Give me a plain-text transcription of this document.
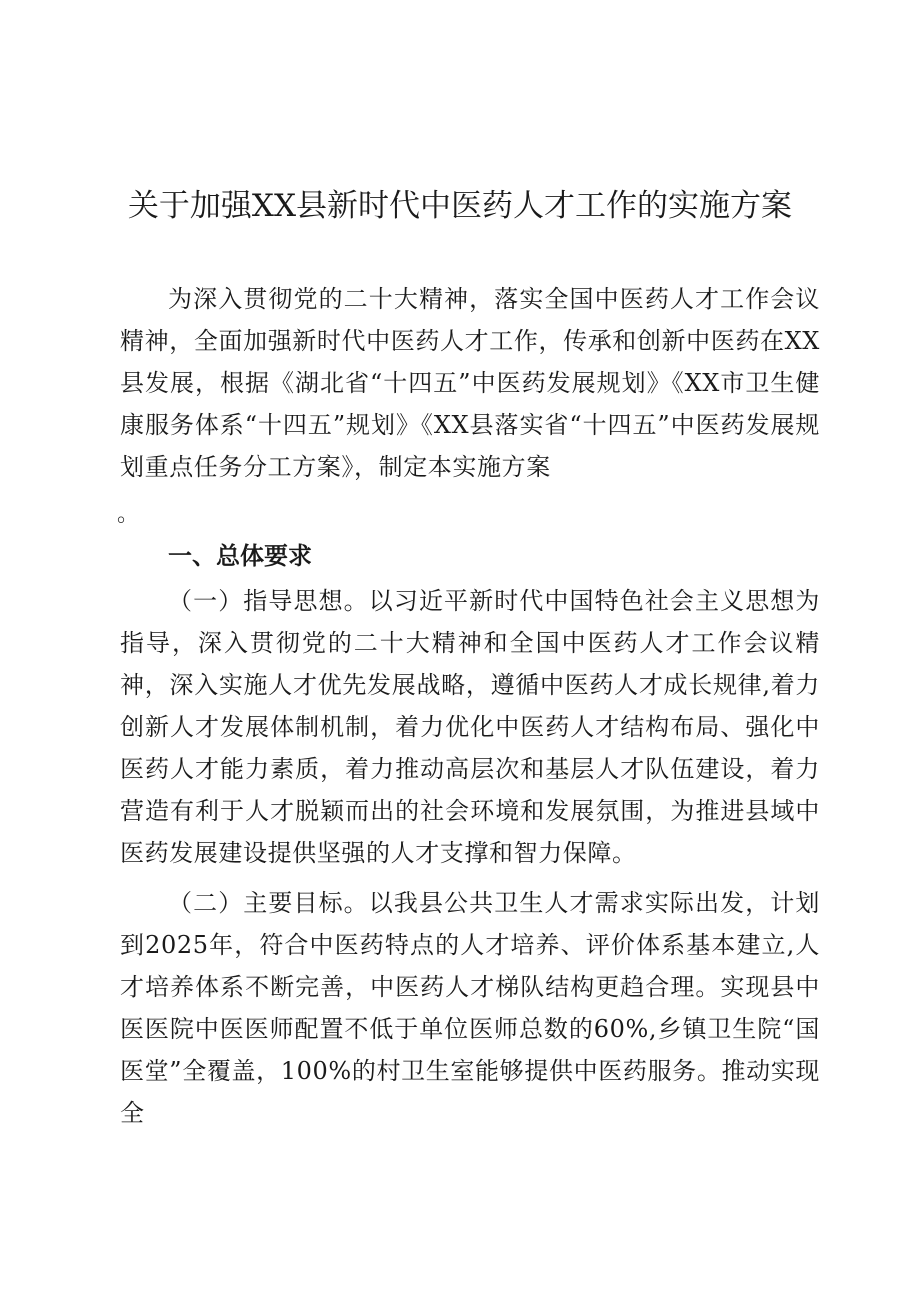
关于加强XX县新时代中医药人才工作的实施方案

为深入贯彻党的二十大精神，落实全国中医药人才工作会议精神，全面加强新时代中医药人才工作，传承和创新中医药在XX县发展，根据《湖北省“十四五”中医药发展规划》《XX市卫生健康服务体系“十四五”规划》《XX县落实省“十四五”中医药发展规划重点任务分工方案》，制定本实施方案

。
一、总体要求

（一）指导思想。以习近平新时代中国特色社会主义思想为指导，深入贯彻党的二十大精神和全国中医药人才工作会议精神，深入实施人才优先发展战略，遵循中医药人才成长规律,着力创新人才发展体制机制，着力优化中医药人才结构布局、强化中医药人才能力素质，着力推动高层次和基层人才队伍建设，着力营造有利于人才脱颖而出的社会环境和发展氛围，为推进县域中医药发展建设提供坚强的人才支撑和智力保障。

（二）主要目标。以我县公共卫生人才需求实际出发，计划到2025年，符合中医药特点的人才培养、评价体系基本建立,人才培养体系不断完善，中医药人才梯队结构更趋合理。实现县中医医院中医医师配置不低于单位医师总数的60%,乡镇卫生院“国医堂”全覆盖，100%的村卫生室能够提供中医药服务。推动实现全
